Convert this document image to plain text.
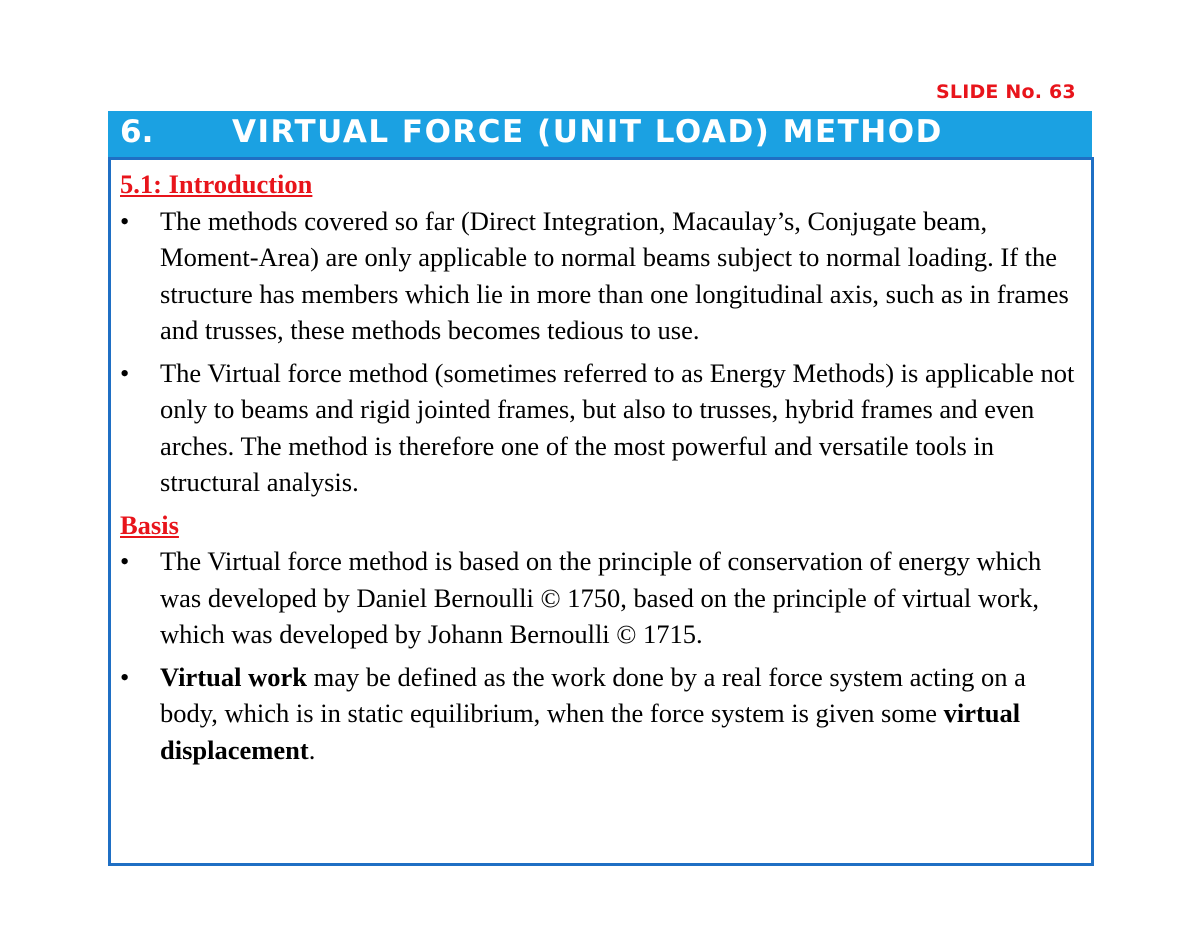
SLIDE No. 63
6.	VIRTUAL FORCE (UNIT LOAD) METHOD

5.1: Introduction

• The methods covered so far (Direct Integration, Macaulay’s, Conjugate beam, Moment-Area) are only applicable to normal beams subject to normal loading. If the structure has members which lie in more than one longitudinal axis, such as in frames and trusses, these methods becomes tedious to use.

• The Virtual force method (sometimes referred to as Energy Methods) is applicable not only to beams and rigid jointed frames, but also to trusses, hybrid frames and even arches. The method is therefore one of the most powerful and versatile tools in structural analysis.

Basis

• The Virtual force method is based on the principle of conservation of energy which was developed by Daniel Bernoulli © 1750, based on the principle of virtual work, which was developed by Johann Bernoulli © 1715.

• Virtual work may be defined as the work done by a real force system acting on a body, which is in static equilibrium, when the force system is given some virtual displacement.
